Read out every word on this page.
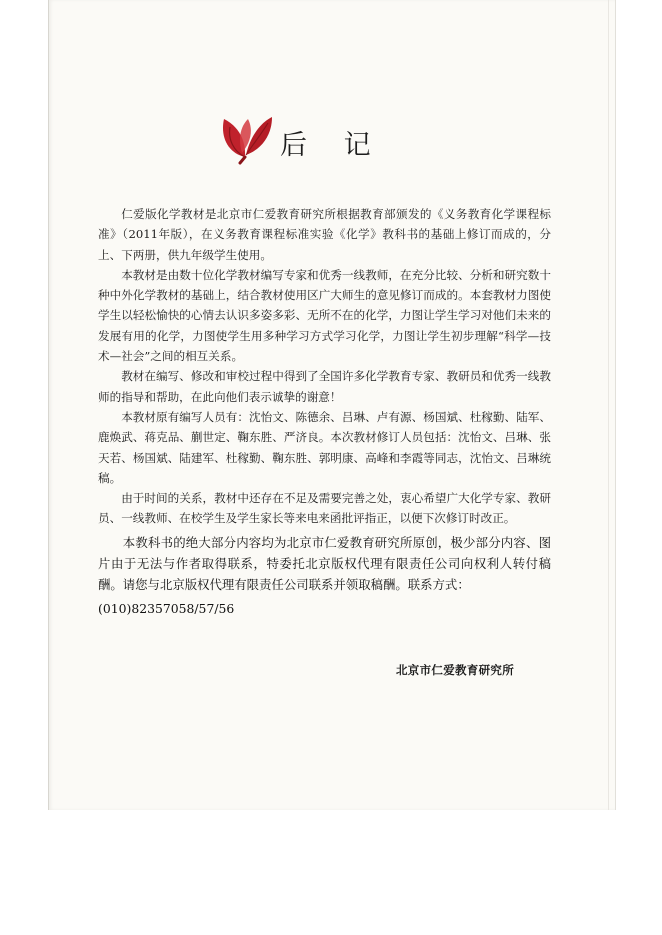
后 记

仁爱版化学教材是北京市仁爱教育研究所根据教育部颁发的《义务教育化学课程标准》（2011年版），在义务教育课程标准实验《化学》教科书的基础上修订而成的，分上、下两册，供九年级学生使用。

本教材是由数十位化学教材编写专家和优秀一线教师，在充分比较、分析和研究数十种中外化学教材的基础上，结合教材使用区广大师生的意见修订而成的。本套教材力图使学生以轻松愉快的心情去认识多姿多彩、无所不在的化学，力图让学生学习对他们未来的发展有用的化学，力图使学生用多种学习方式学习化学，力图让学生初步理解“科学—技术—社会”之间的相互关系。

教材在编写、修改和审校过程中得到了全国许多化学教育专家、教研员和优秀一线教师的指导和帮助，在此向他们表示诚挚的谢意！

本教材原有编写人员有：沈怡文、陈德余、吕琳、卢有源、杨国斌、杜稼勤、陆军、鹿焕武、蒋克品、蒯世定、鞠东胜、严济良。本次教材修订人员包括：沈怡文、吕琳、张天若、杨国斌、陆建军、杜稼勤、鞠东胜、郭明康、高峰和李霞等同志，沈怡文、吕琳统稿。

由于时间的关系，教材中还存在不足及需要完善之处，衷心希望广大化学专家、教研员、一线教师、在校学生及学生家长等来电来函批评指正，以便下次修订时改正。

本教科书的绝大部分内容均为北京市仁爱教育研究所原创，极少部分内容、图片由于无法与作者取得联系，特委托北京版权代理有限责任公司向权利人转付稿酬。请您与北京版权代理有限责任公司联系并领取稿酬。联系方式：

(010)82357058/57/56

北京市仁爱教育研究所
